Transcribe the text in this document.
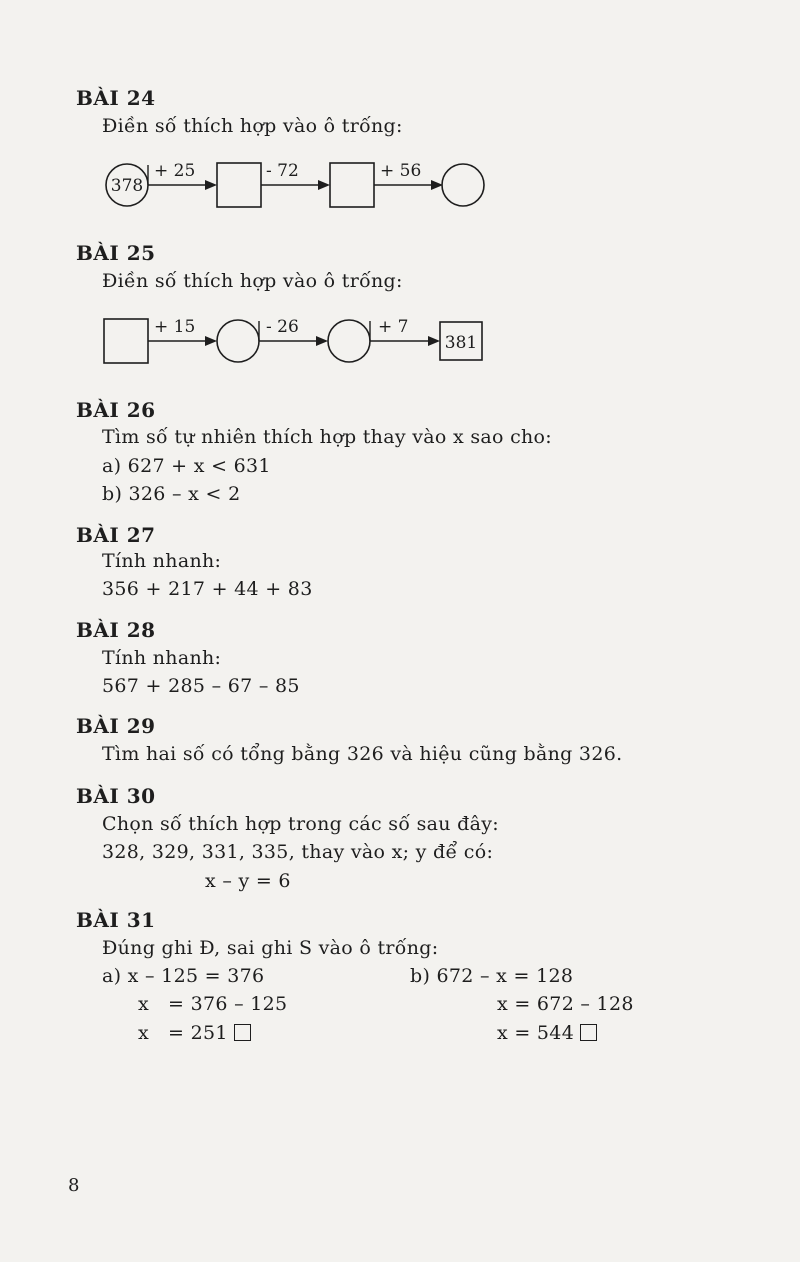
BÀI 24
Điền số thích hợp vào ô trống:
378
+ 25	- 72	+ 56
BÀI 25
Điền số thích hợp vào ô trống:
+ 15	- 26	+ 7
381
BÀI 26
Tìm số tự nhiên thích hợp thay vào x sao cho:
a) 627 + x < 631
b) 326 – x < 2
BÀI 27
Tính nhanh:
356 + 217 + 44 + 83
BÀI 28
Tính nhanh:
567 + 285 – 67 – 85
BÀI 29
Tìm hai số có tổng bằng 326 và hiệu cũng bằng 326.
BÀI 30
Chọn số thích hợp trong các số sau đây:
328, 329, 331, 335, thay vào x; y để có:
x – y = 6
BÀI 31
Đúng ghi Đ, sai ghi S vào ô trống:
a) x – 125 = 376
x   = 376 – 125
x   = 251
b) 672 – x = 128
x = 672 – 128
x = 544
8
